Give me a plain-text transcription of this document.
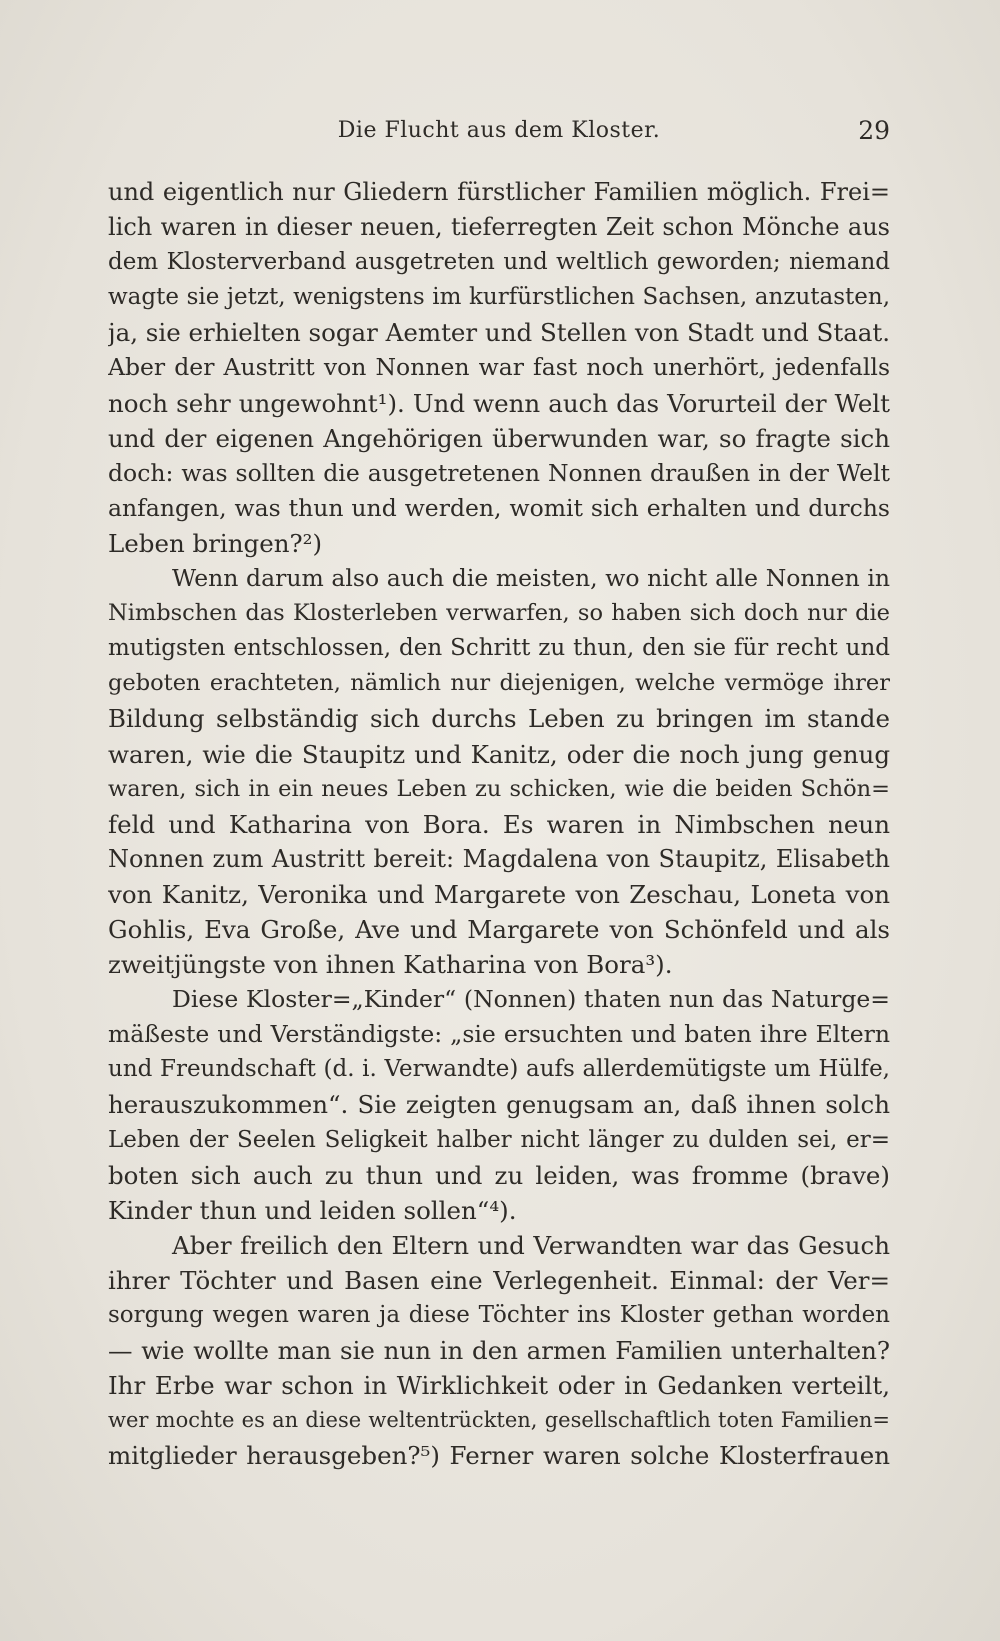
Die Flucht aus dem Kloster.	29
und eigentlich nur Gliedern fürstlicher Familien möglich. Frei=
lich waren in dieser neuen, tieferregten Zeit schon Mönche aus
dem Klosterverband ausgetreten und weltlich geworden; niemand
wagte sie jetzt, wenigstens im kurfürstlichen Sachsen, anzutasten,
ja, sie erhielten sogar Aemter und Stellen von Stadt und Staat.
Aber der Austritt von Nonnen war fast noch unerhört, jedenfalls
noch sehr ungewohnt¹). Und wenn auch das Vorurteil der Welt
und der eigenen Angehörigen überwunden war, so fragte sich
doch: was sollten die ausgetretenen Nonnen draußen in der Welt
anfangen, was thun und werden, womit sich erhalten und durchs
Leben bringen?²)
Wenn darum also auch die meisten, wo nicht alle Nonnen in
Nimbschen das Klosterleben verwarfen, so haben sich doch nur die
mutigsten entschlossen, den Schritt zu thun, den sie für recht und
geboten erachteten, nämlich nur diejenigen, welche vermöge ihrer
Bildung selbständig sich durchs Leben zu bringen im stande
waren, wie die Staupitz und Kanitz, oder die noch jung genug
waren, sich in ein neues Leben zu schicken, wie die beiden Schön=
feld und Katharina von Bora. Es waren in Nimbschen neun
Nonnen zum Austritt bereit: Magdalena von Staupitz, Elisabeth
von Kanitz, Veronika und Margarete von Zeschau, Loneta von
Gohlis, Eva Große, Ave und Margarete von Schönfeld und als
zweitjüngste von ihnen Katharina von Bora³).
Diese Kloster=„Kinder“ (Nonnen) thaten nun das Naturge=
mäßeste und Verständigste: „sie ersuchten und baten ihre Eltern
und Freundschaft (d. i. Verwandte) aufs allerdemütigste um Hülfe,
herauszukommen“. Sie zeigten genugsam an, daß ihnen solch
Leben der Seelen Seligkeit halber nicht länger zu dulden sei, er=
boten sich auch zu thun und zu leiden, was fromme (brave)
Kinder thun und leiden sollen“⁴).
Aber freilich den Eltern und Verwandten war das Gesuch
ihrer Töchter und Basen eine Verlegenheit. Einmal: der Ver=
sorgung wegen waren ja diese Töchter ins Kloster gethan worden
— wie wollte man sie nun in den armen Familien unterhalten?
Ihr Erbe war schon in Wirklichkeit oder in Gedanken verteilt,
wer mochte es an diese weltentrückten, gesellschaftlich toten Familien=
mitglieder herausgeben?⁵) Ferner waren solche Klosterfrauen
